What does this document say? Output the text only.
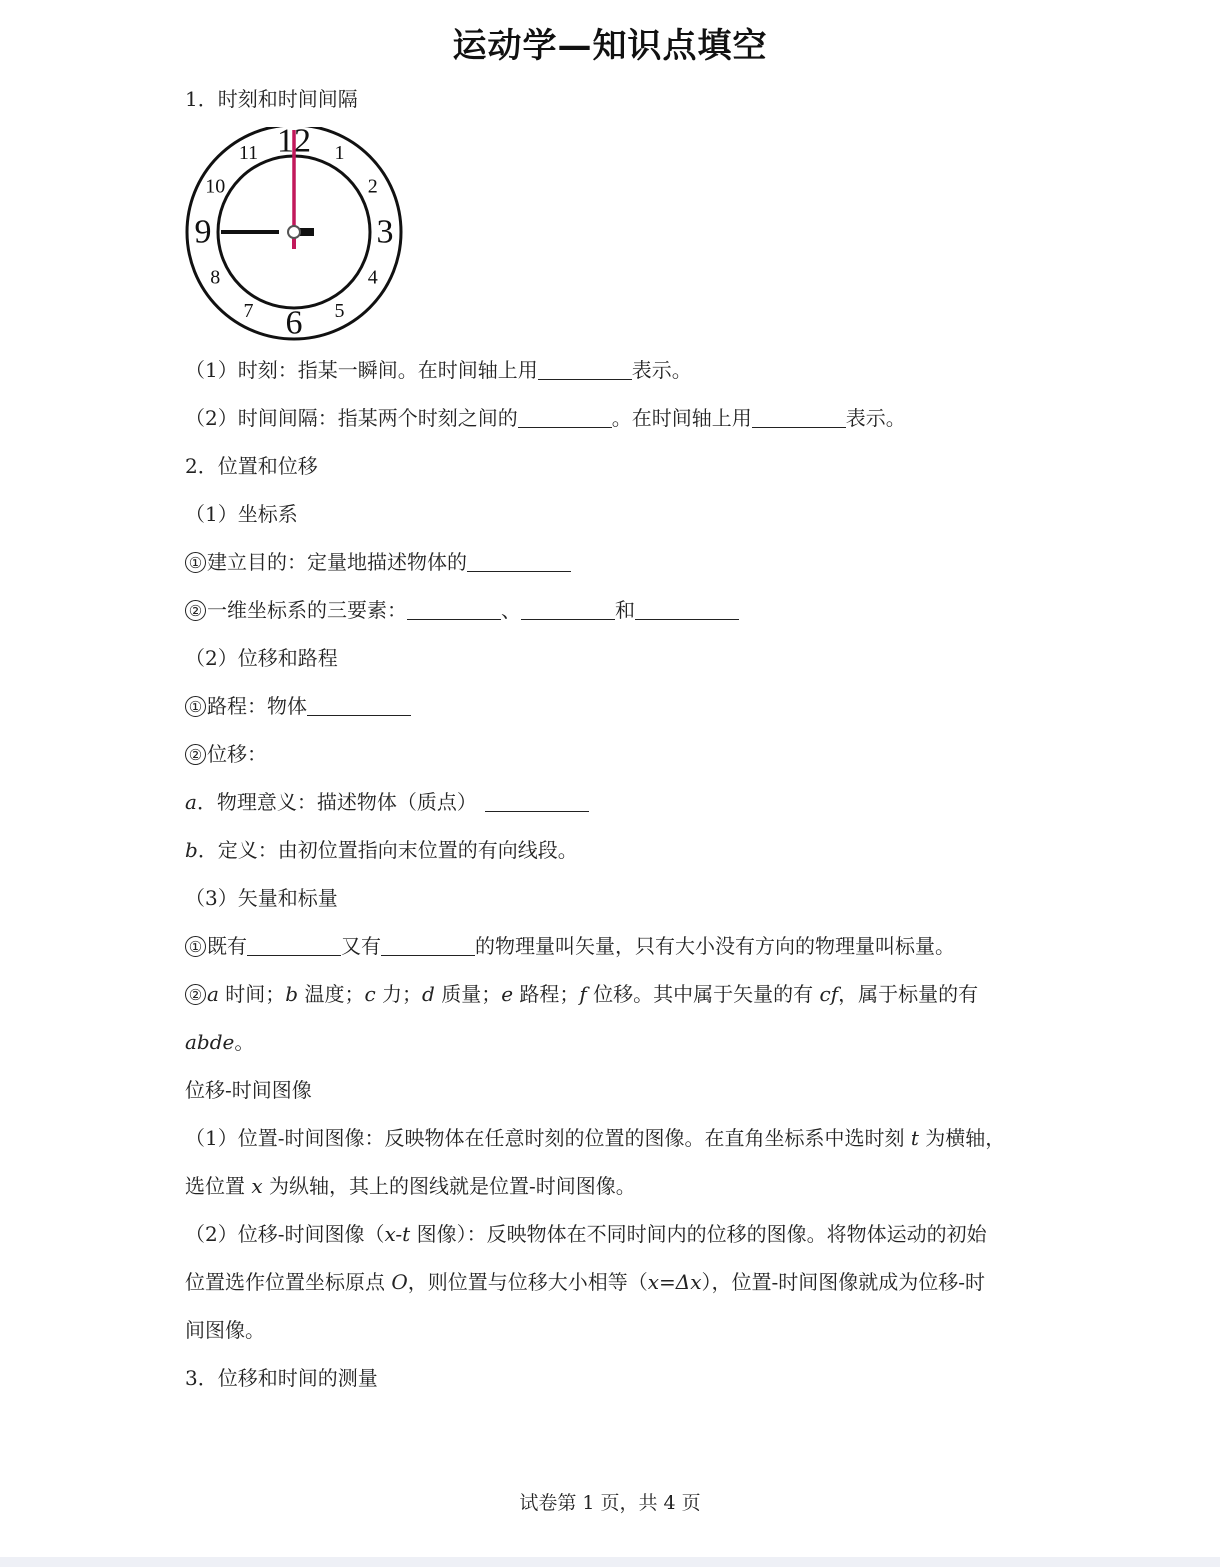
运动学—知识点填空
1．时刻和时间间隔
12 1
2
3
4
5
6
7
8
9
10
11
（1）时刻：指某一瞬间。在时间轴上用	表示。
（2）时间间隔：指某两个时刻之间的	。在时间轴上用	表示。
2．位置和位移
（1）坐标系
① 建立目的：定量地描述物体的
② 一维坐标系的三要素：	、	和
（2）位移和路程
① 路程：物体
② 位移：
a．物理意义：描述物体（质点）
b．定义：由初位置指向末位置的有向线段。
（3）矢量和标量
① 既有	又有	的物理量叫矢量，只有大小没有方向的物理量叫标量。
② a 时间；b 温度；c 力；d 质量；e 路程；f 位移。其中属于矢量的有 cf，属于标量的有
abde。
位移-时间图像
（1）位置-时间图像：反映物体在任意时刻的位置的图像。在直角坐标系中选时刻 t 为横轴，
选位置 x 为纵轴，其上的图线就是位置-时间图像。
（2）位移-时间图像（x-t 图像）：反映物体在不同时间内的位移的图像。将物体运动的初始
位置选作位置坐标原点 O，则位置与位移大小相等（x=Δx），位置-时间图像就成为位移-时
间图像。
3．位移和时间的测量
试卷第 1 页，共 4 页
